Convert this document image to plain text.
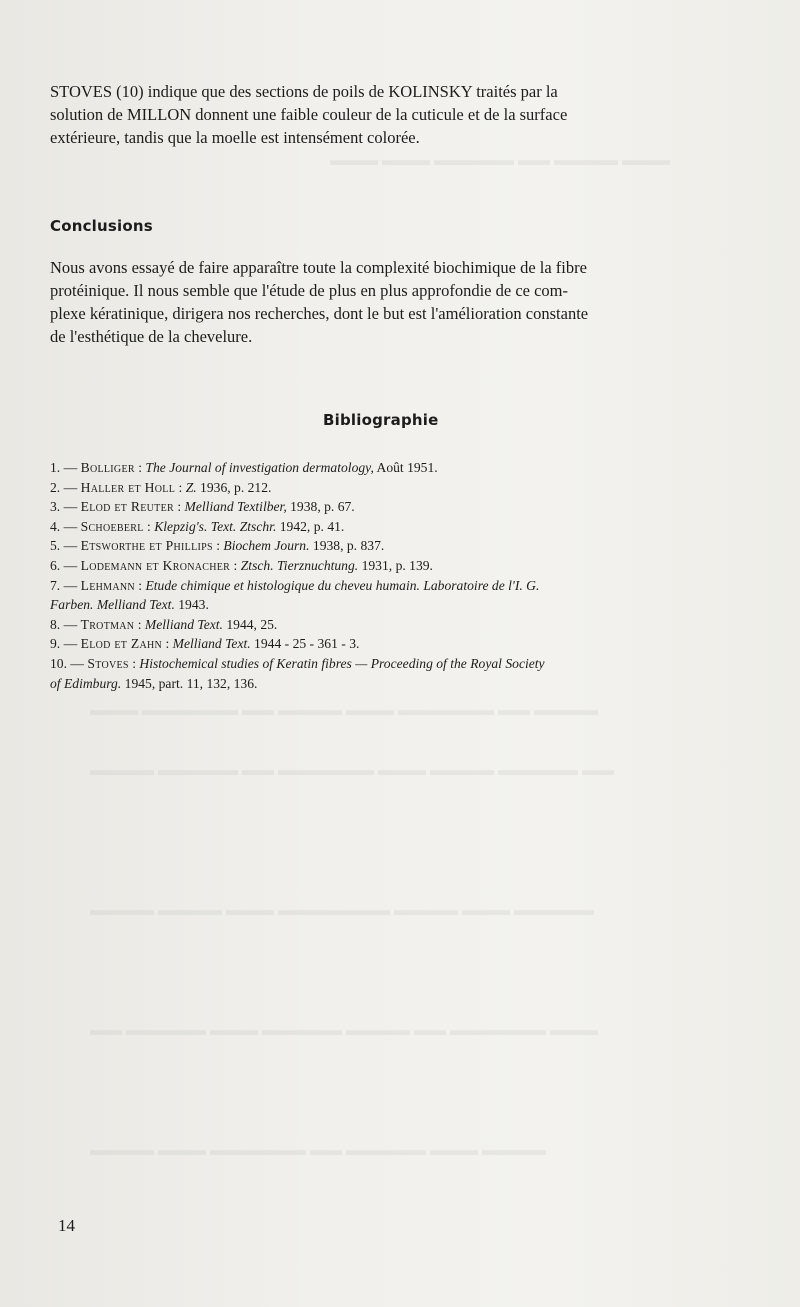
▬▬▬ ▬▬▬▬ ▬▬ ▬▬▬▬▬ ▬▬▬ ▬▬▬
▬▬▬▬ ▬▬ ▬▬▬▬▬▬ ▬▬▬ ▬▬▬▬ ▬▬ ▬▬▬▬▬▬ ▬▬▬
▬▬ ▬▬▬▬▬ ▬▬▬▬ ▬▬▬ ▬▬▬▬▬▬ ▬▬ ▬▬▬▬▬ ▬▬▬▬
▬▬▬▬▬ ▬▬▬ ▬▬▬▬ ▬▬▬▬▬▬▬ ▬▬▬ ▬▬▬▬ ▬▬▬▬
▬▬▬ ▬▬▬▬▬▬ ▬▬ ▬▬▬▬ ▬▬▬▬▬ ▬▬▬ ▬▬▬▬▬ ▬▬
▬▬▬▬ ▬▬▬ ▬▬▬▬▬ ▬▬ ▬▬▬▬▬▬ ▬▬▬ ▬▬▬▬
STOVES (10) indique que des sections de poils de KOLINSKY traités par la
solution de MILLON donnent une faible couleur de la cuticule et de la surface
extérieure, tandis que la moelle est intensément colorée.
Conclusions
Nous avons essayé de faire apparaître toute la complexité biochimique de la fibre
protéinique. Il nous semble que l'étude de plus en plus approfondie de ce com-
plexe kératinique, dirigera nos recherches, dont le but est l'amélioration constante
de l'esthétique de la chevelure.
Bibliographie
1. — Bolliger : The Journal of investigation dermatology, Août 1951.
2. — Haller et Holl : Z. 1936, p. 212.
3. — Elod et Reuter : Melliand Textilber, 1938, p. 67.
4. — Schoeberl : Klepzig's. Text. Ztschr. 1942, p. 41.
5. — Etsworthe et Phillips : Biochem Journ. 1938, p. 837.
6. — Lodemann et Kronacher : Ztsch. Tierznuchtung. 1931, p. 139.
7. — Lehmann : Etude chimique et histologique du cheveu humain. Laboratoire de l'I. G.
Farben. Melliand Text. 1943.
8. — Trotman : Melliand Text. 1944, 25.
9. — Elod et Zahn : Melliand Text. 1944 - 25 - 361 - 3.
10. — Stoves : Histochemical studies of Keratin fibres — Proceeding of the Royal Society
of Edimburg. 1945, part. 11, 132, 136.
14
